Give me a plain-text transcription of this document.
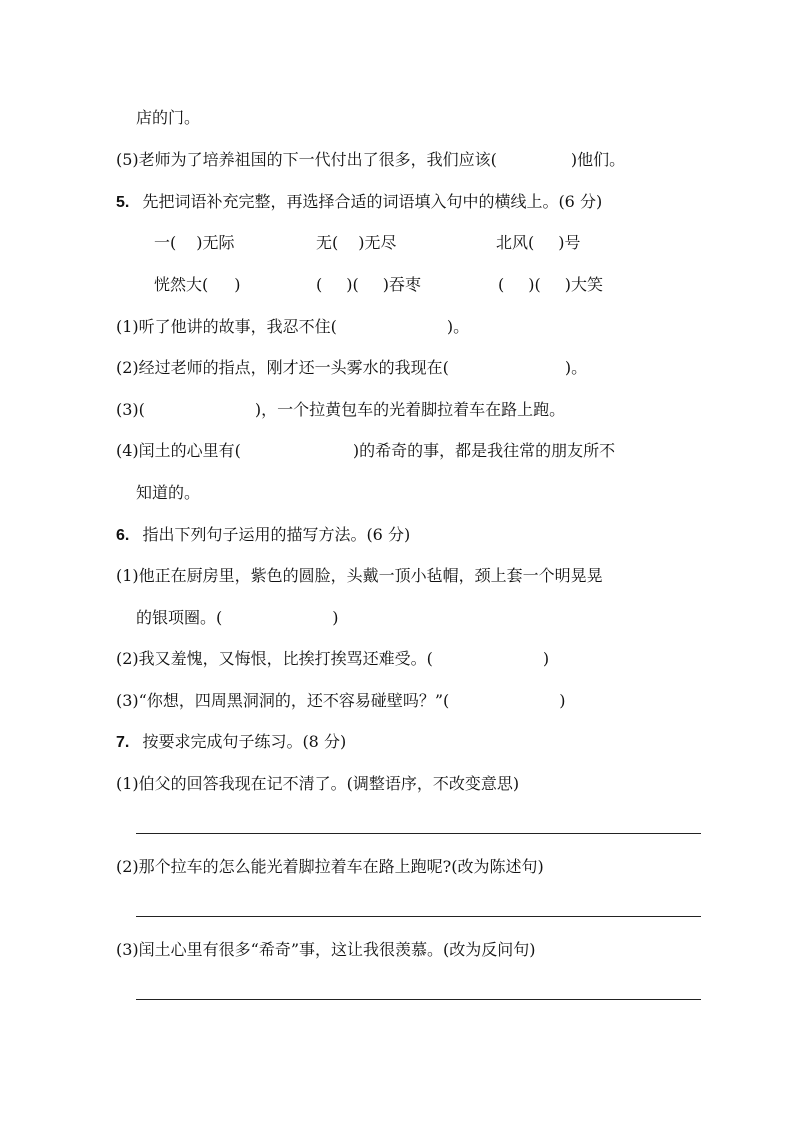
店的门。
(5)老师为了培养祖国的下一代付出了很多，我们应该(	)他们。
5. 先把词语补充完整，再选择合适的词语填入句中的横线上。(6 分)
一( )无际	无( )无尽	北风( )号
恍然大( )	( )( )吞枣	( )( )大笑
(1)听了他讲的故事，我忍不住(	)。
(2)经过老师的指点，刚才还一头雾水的我现在(	)。
(3)(	)，一个拉黄包车的光着脚拉着车在路上跑。
(4)闰土的心里有(	)的希奇的事，都是我往常的朋友所不
知道的。
6. 指出下列句子运用的描写方法。(6 分)
(1)他正在厨房里，紫色的圆脸，头戴一顶小毡帽，颈上套一个明晃晃
的银项圈。(	)
(2)我又羞愧，又悔恨，比挨打挨骂还难受。(	)
(3)“你想，四周黑洞洞的，还不容易碰壁吗？”(	)
7. 按要求完成句子练习。(8 分)
(1)伯父的回答我现在记不清了。(调整语序，不改变意思)
(2)那个拉车的怎么能光着脚拉着车在路上跑呢?(改为陈述句)
(3)闰土心里有很多“希奇”事，这让我很羡慕。(改为反问句)
